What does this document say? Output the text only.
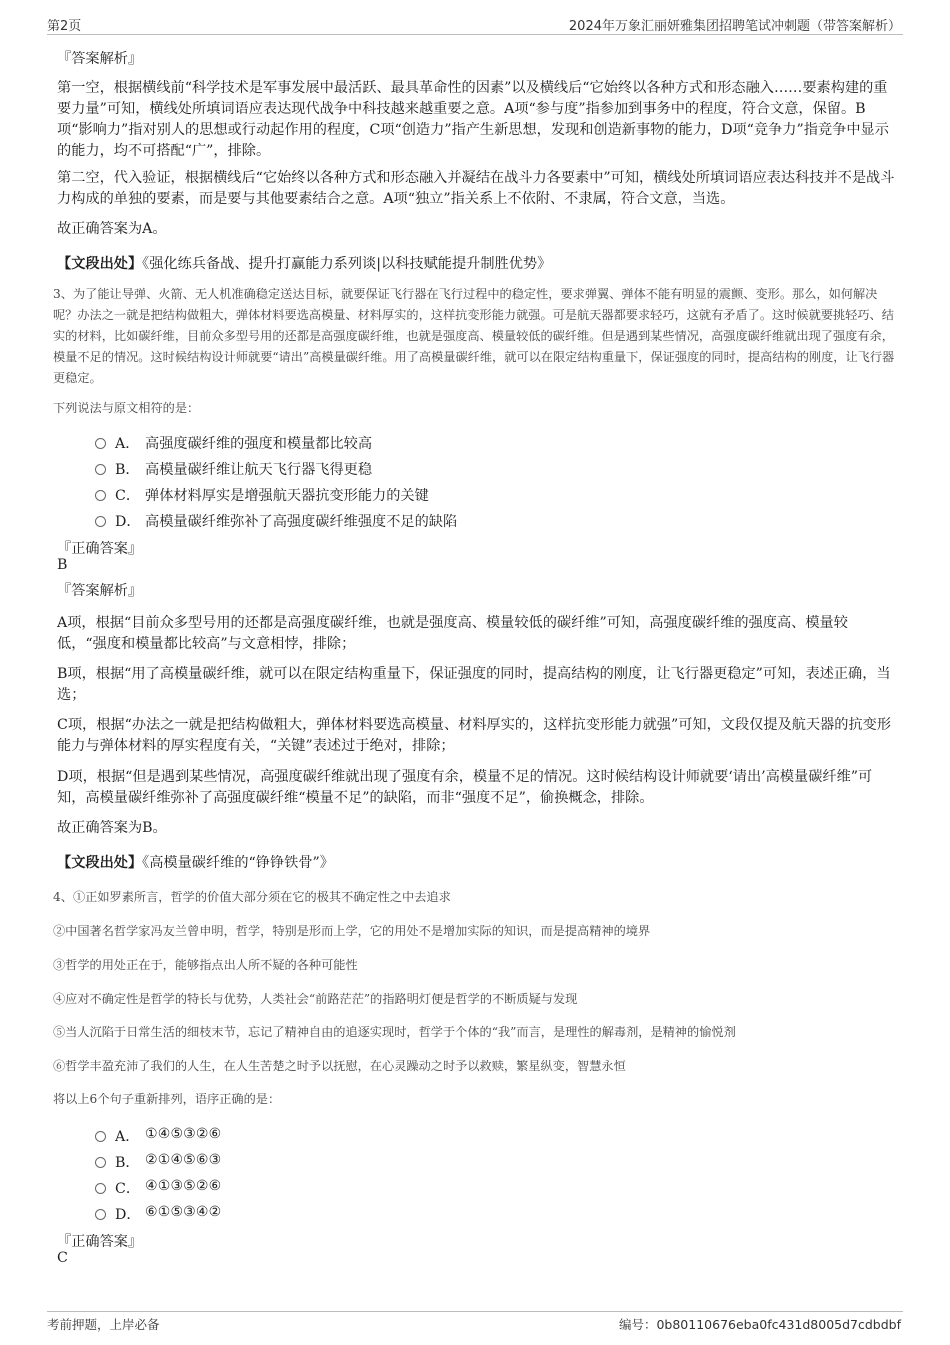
第2页	2024年万象汇丽妍雅集团招聘笔试冲刺题（带答案解析）
『答案解析』
第一空，根据横线前“科学技术是军事发展中最活跃、最具革命性的因素”以及横线后“它始终以各种方式和形态融入……要素构建的重要力量”可知，横线处所填词语应表达现代战争中科技越来越重要之意。A项“参与度”指参加到事务中的程度，符合文意，保留。B项“影响力”指对别人的思想或行动起作用的程度，C项“创造力”指产生新思想，发现和创造新事物的能力，D项“竞争力”指竞争中显示的能力，均不可搭配“广”，排除。
第二空，代入验证，根据横线后“它始终以各种方式和形态融入并凝结在战斗力各要素中”可知，横线处所填词语应表达科技并不是战斗力构成的单独的要素，而是要与其他要素结合之意。A项“独立”指关系上不依附、不隶属，符合文意，当选。
故正确答案为A。
【文段出处】《强化练兵备战、提升打赢能力系列谈|以科技赋能提升制胜优势》
3、为了能让导弹、火箭、无人机准确稳定送达目标，就要保证飞行器在飞行过程中的稳定性，要求弹翼、弹体不能有明显的震颤、变形。那么，如何解决呢？办法之一就是把结构做粗大，弹体材料要选高模量、材料厚实的，这样抗变形能力就强。可是航天器都要求轻巧，这就有矛盾了。这时候就要挑轻巧、结实的材料，比如碳纤维，目前众多型号用的还都是高强度碳纤维，也就是强度高、模量较低的碳纤维。但是遇到某些情况，高强度碳纤维就出现了强度有余，模量不足的情况。这时候结构设计师就要“请出”高模量碳纤维。用了高模量碳纤维，就可以在限定结构重量下，保证强度的同时，提高结构的刚度，让飞行器更稳定。
下列说法与原文相符的是：
A． 高强度碳纤维的强度和模量都比较高
B． 高模量碳纤维让航天飞行器飞得更稳
C． 弹体材料厚实是增强航天器抗变形能力的关键
D． 高模量碳纤维弥补了高强度碳纤维强度不足的缺陷
『正确答案』
B
『答案解析』
A项，根据“目前众多型号用的还都是高强度碳纤维，也就是强度高、模量较低的碳纤维”可知，高强度碳纤维的强度高、模量较低，“强度和模量都比较高”与文意相悖，排除；
B项，根据“用了高模量碳纤维，就可以在限定结构重量下，保证强度的同时，提高结构的刚度，让飞行器更稳定”可知，表述正确，当选；
C项，根据“办法之一就是把结构做粗大，弹体材料要选高模量、材料厚实的，这样抗变形能力就强”可知，文段仅提及航天器的抗变形能力与弹体材料的厚实程度有关，“关键”表述过于绝对，排除；
D项，根据“但是遇到某些情况，高强度碳纤维就出现了强度有余，模量不足的情况。这时候结构设计师就要‘请出’高模量碳纤维”可知，高模量碳纤维弥补了高强度碳纤维“模量不足”的缺陷，而非“强度不足”，偷换概念，排除。
故正确答案为B。
【文段出处】《高模量碳纤维的“铮铮铁骨”》
4、①正如罗素所言，哲学的价值大部分须在它的极其不确定性之中去追求
②中国著名哲学家冯友兰曾申明，哲学，特别是形而上学，它的用处不是增加实际的知识，而是提高精神的境界
③哲学的用处正在于，能够指点出人所不疑的各种可能性
④应对不确定性是哲学的特长与优势，人类社会“前路茫茫”的指路明灯便是哲学的不断质疑与发现
⑤当人沉陷于日常生活的细枝末节，忘记了精神自由的追逐实现时，哲学于个体的“我”而言，是理性的解毒剂，是精神的愉悦剂
⑥哲学丰盈充沛了我们的人生，在人生苦楚之时予以抚慰，在心灵躁动之时予以救赎，繁星纵变，智慧永恒
将以上6个句子重新排列，语序正确的是：
A． ①④⑤③②⑥
B． ②①④⑤⑥③
C． ④①③⑤②⑥
D． ⑥①⑤③④②
『正确答案』
C
考前押题，上岸必备	编号：0b80110676eba0fc431d8005d7cdbdbf
